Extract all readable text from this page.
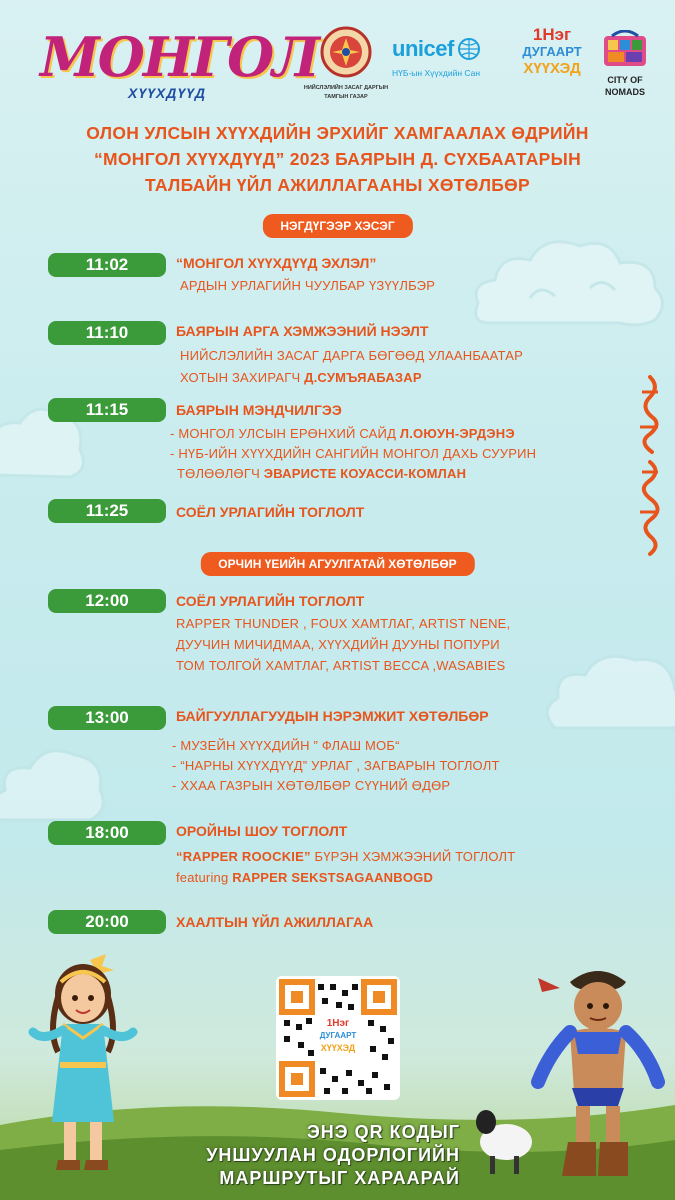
МОНГОЛ
ХҮҮХДҮҮД	НИЙСЛЭЛИЙН ЗАСАГ ДАРГЫН
ТАМГЫН ГАЗАР
unicef
НҮБ-ын Хүүхдийн Сан
1Нэг
ДУГААРТ
ХҮҮХЭД
CITY OF
NOMADS
ОЛОН УЛСЫН ХҮҮХДИЙН ЭРХИЙГ ХАМГААЛАХ ӨДРИЙН
“МОНГОЛ ХҮҮХДҮҮД” 2023 БАЯРЫН Д. СҮХБААТАРЫН
ТАЛБАЙН ҮЙЛ АЖИЛЛАГААНЫ ХӨТӨЛБӨР
НЭГДҮГЭЭР ХЭСЭГ
11:02	“МОНГОЛ ХҮҮХДҮҮД ЭХЛЭЛ”
АРДЫН УРЛАГИЙН ЧУУЛБАР ҮЗҮҮЛБЭР
11:10	БАЯРЫН АРГА ХЭМЖЭЭНИЙ НЭЭЛТ
НИЙСЛЭЛИЙН ЗАСАГ ДАРГА БӨГӨӨД УЛААНБААТАР
ХОТЫН ЗАХИРАГЧ Д.СУМЪЯАБАЗАР
11:15	БАЯРЫН МЭНДЧИЛГЭЭ
- МОНГОЛ УЛСЫН ЕРӨНХИЙ САЙД Л.ОЮУН-ЭРДЭНЭ
- НҮБ-ИЙН ХҮҮХДИЙН САНГИЙН МОНГОЛ ДАХЬ СУУРИН
ТӨЛӨӨЛӨГЧ ЭВАРИСТЕ КОУАССИ-КОМЛАН
11:25	СОЁЛ УРЛАГИЙН ТОГЛОЛТ
ОРЧИН ҮЕИЙН АГУУЛГАТАЙ ХӨТӨЛБӨР
12:00	СОЁЛ УРЛАГИЙН ТОГЛОЛТ
RAPPER THUNDER , FOUX ХАМТЛАГ, ARTIST NENE,
ДУУЧИН МИЧИДМАА, ХҮҮХДИЙН ДУУНЫ ПОПУРИ
ТОМ ТОЛГОЙ ХАМТЛАГ, ARTIST BECCA ,WASABIES
13:00	БАЙГУУЛЛАГУУДЫН НЭРЭМЖИТ ХӨТӨЛБӨР
- МУЗЕЙН ХҮҮХДИЙН ” ФЛАШ МОБ“
- “НАРНЫ ХҮҮХДҮҮД” УРЛАГ , ЗАГВАРЫН ТОГЛОЛТ
- ХХАА ГАЗРЫН ХӨТӨЛБӨР СҮҮНИЙ ӨДӨР
18:00	ОРОЙНЫ ШОУ ТОГЛОЛТ
“RAPPER ROOCKIE” БҮРЭН ХЭМЖЭЭНИЙ ТОГЛОЛТ
featuring RAPPER SEKSTSAGAANBOGD
20:00	ХААЛТЫН ҮЙЛ АЖИЛЛАГАА
1Нэг
ДУГААРТ
ХҮҮХЭД
ЭНЭ QR КОДЫГ
УНШУУЛАН ОДОРЛОГИЙН
МАРШРУТЫГ ХАРААРАЙ
